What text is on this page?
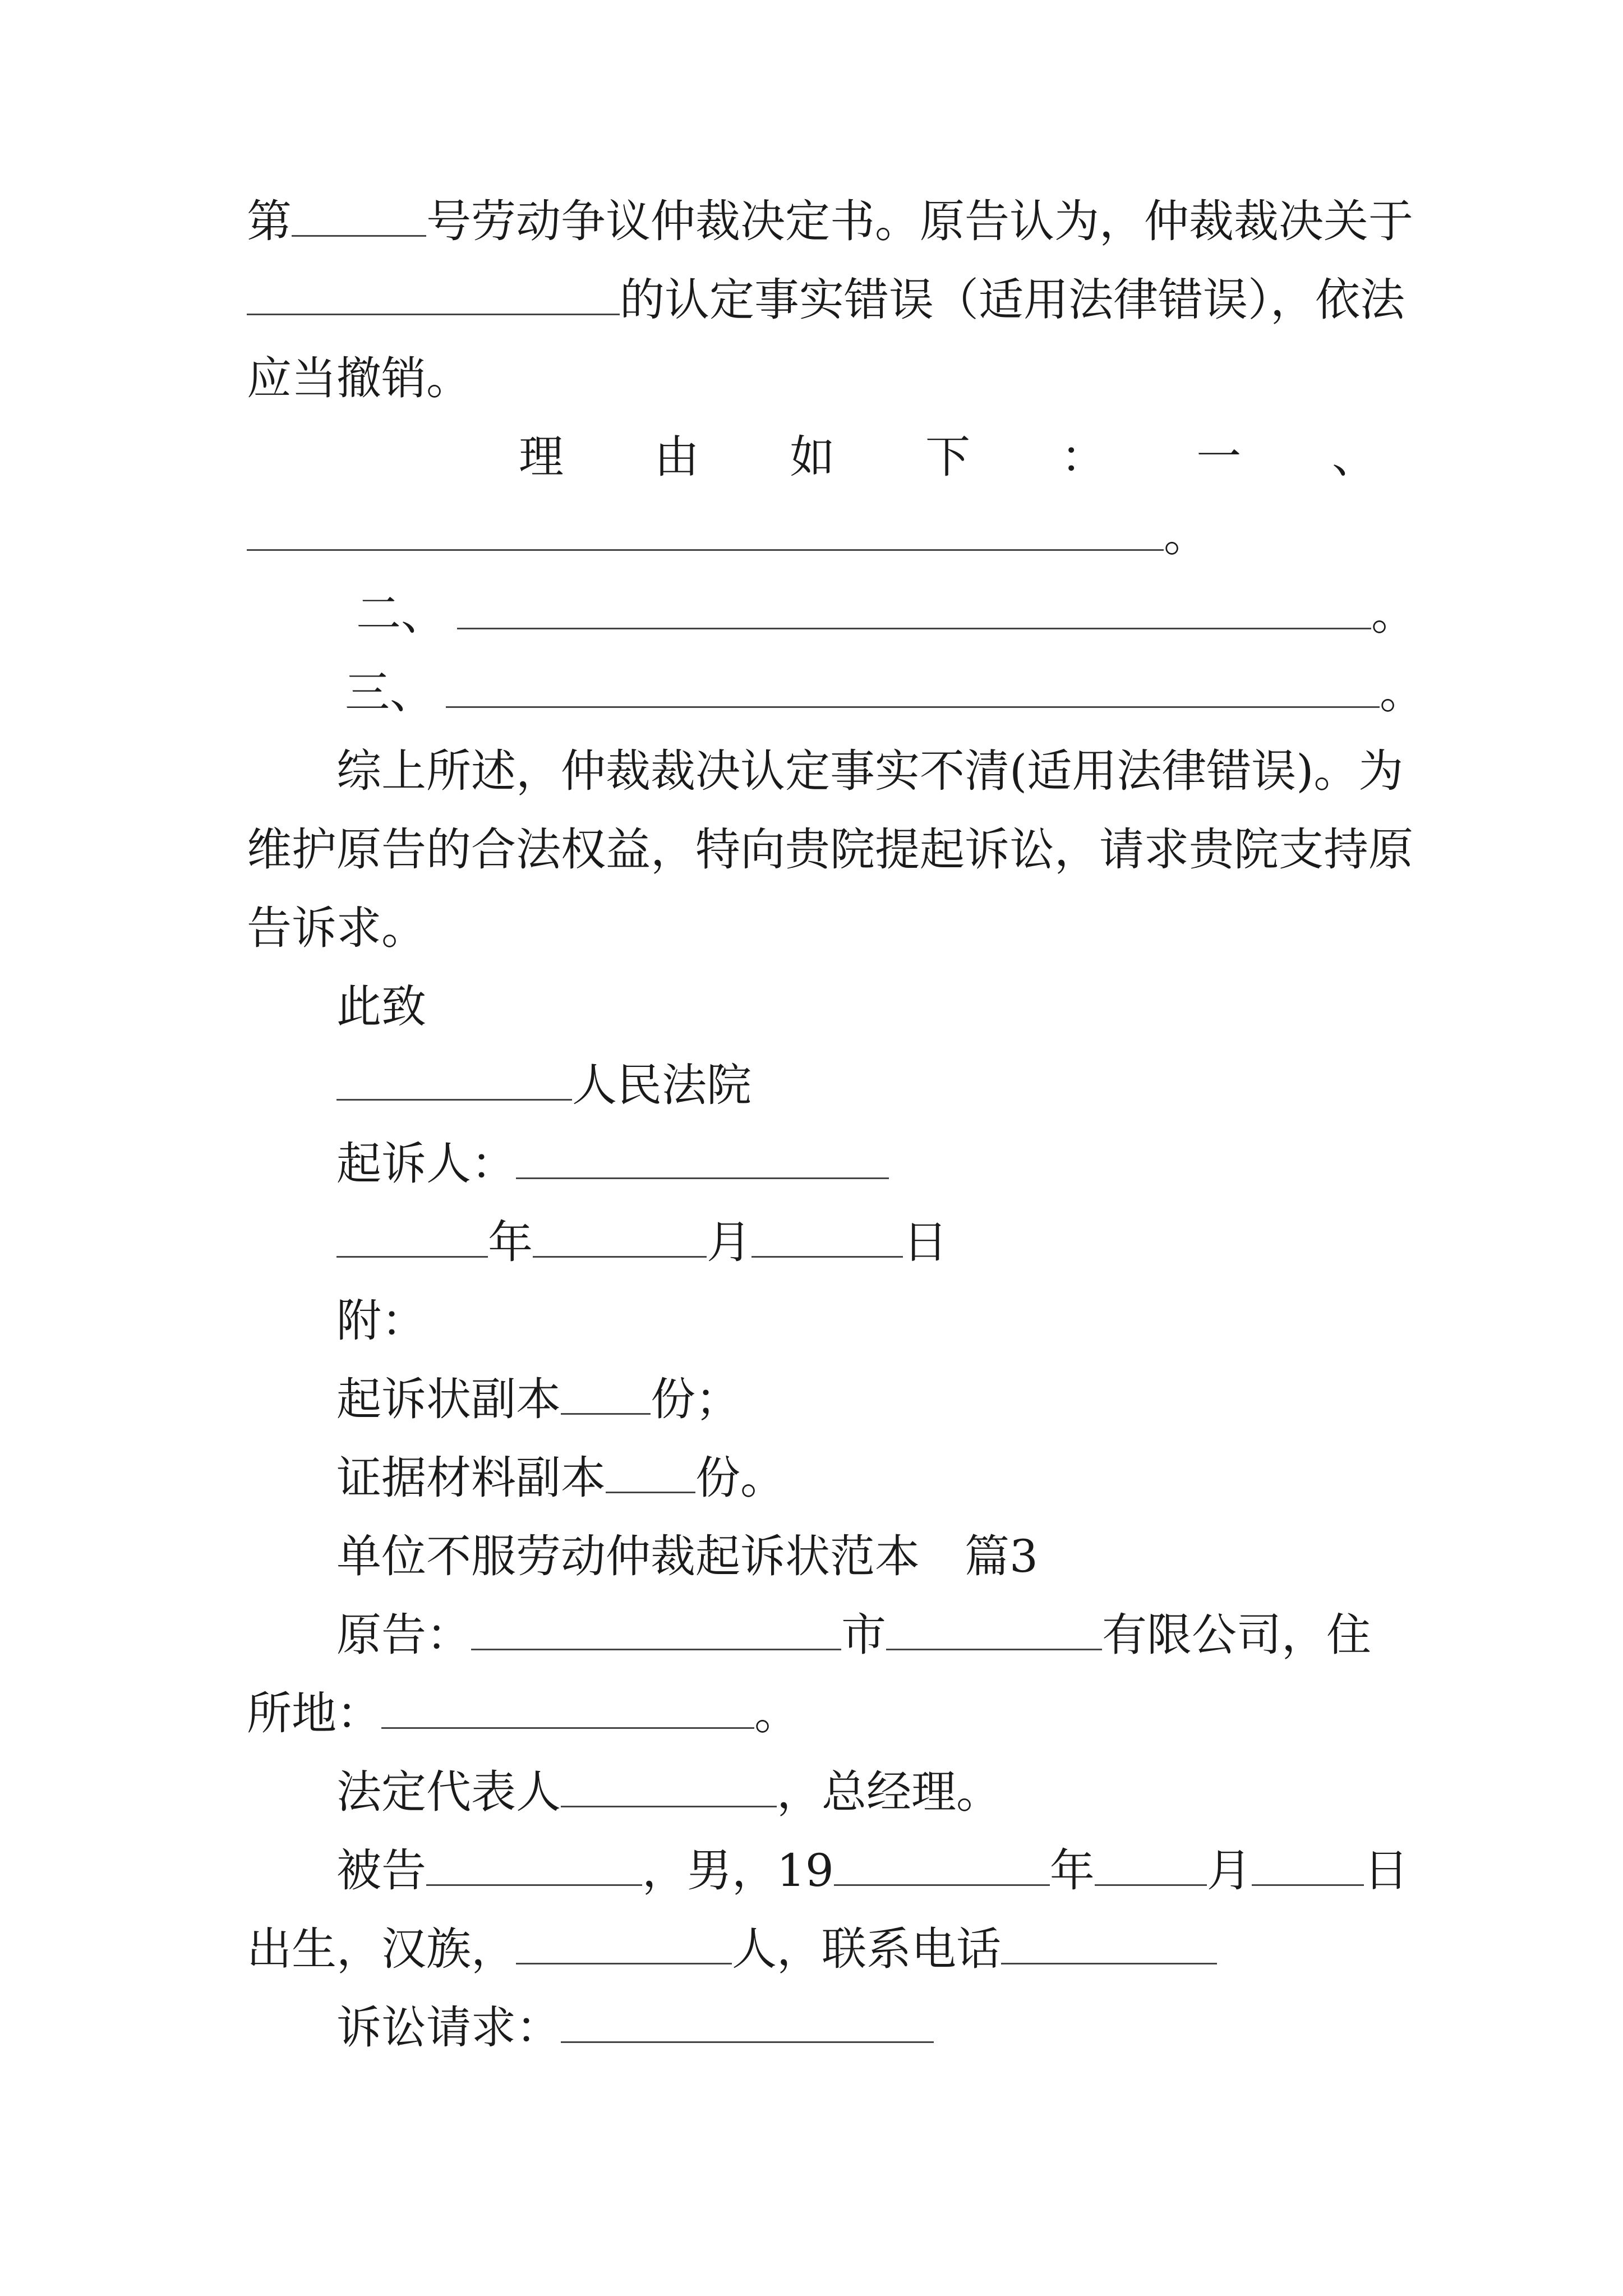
第	号劳动争议仲裁决定书。原告认为，仲裁裁决关于
的认定事实错误（适用法律错误），依法
应当撤销。
理 由 如 下 ： 一 、
。
二、	。
三、	。
综上所述，仲裁裁决认定事实不清(适用法律错误)。为
维护原告的合法权益，特向贵院提起诉讼，请求贵院支持原
告诉求。
此致
人民法院
起诉人：
年	月	日
附：
起诉状副本 份；
证据材料副本 份。
单位不服劳动仲裁起诉状范本　篇3
原告：	市	有限公司，住
所地：	。
法定代表人	，总经理。
被告	，男，19	年	月	日
出生，汉族，	人，联系电话
诉讼请求：
